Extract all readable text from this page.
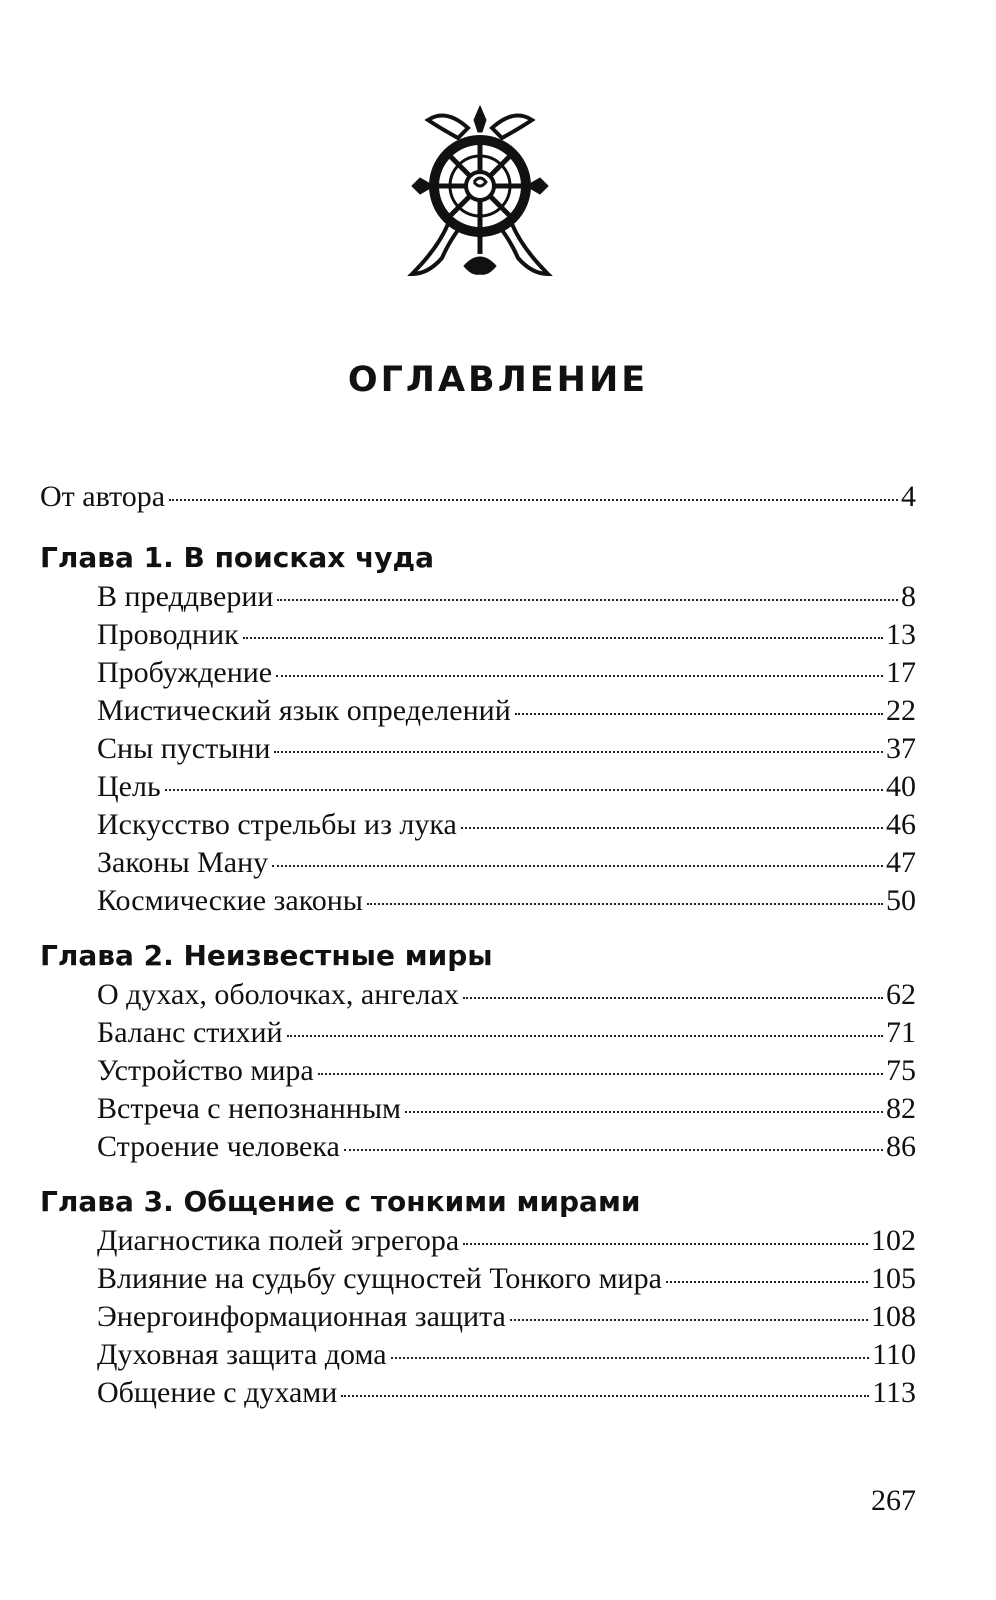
ОГЛАВЛЕНИЕ
От автора	4
Глава 1. В поисках чуда
В преддверии	8
Проводник	13
Пробуждение	17
Мистический язык определений	22
Сны пустыни	37
Цель	40
Искусство стрельбы из лука	46
Законы Ману	47
Космические законы	50
Глава 2. Неизвестные миры
О духах, оболочках, ангелах	62
Баланс стихий	71
Устройство мира	75
Встреча с непознанным	82
Строение человека	86
Глава 3. Общение с тонкими мирами
Диагностика полей эгрегора	102
Влияние на судьбу сущностей Тонкого мира	105
Энергоинформационная защита	108
Духовная защита дома	110
Общение с духами	113
267
